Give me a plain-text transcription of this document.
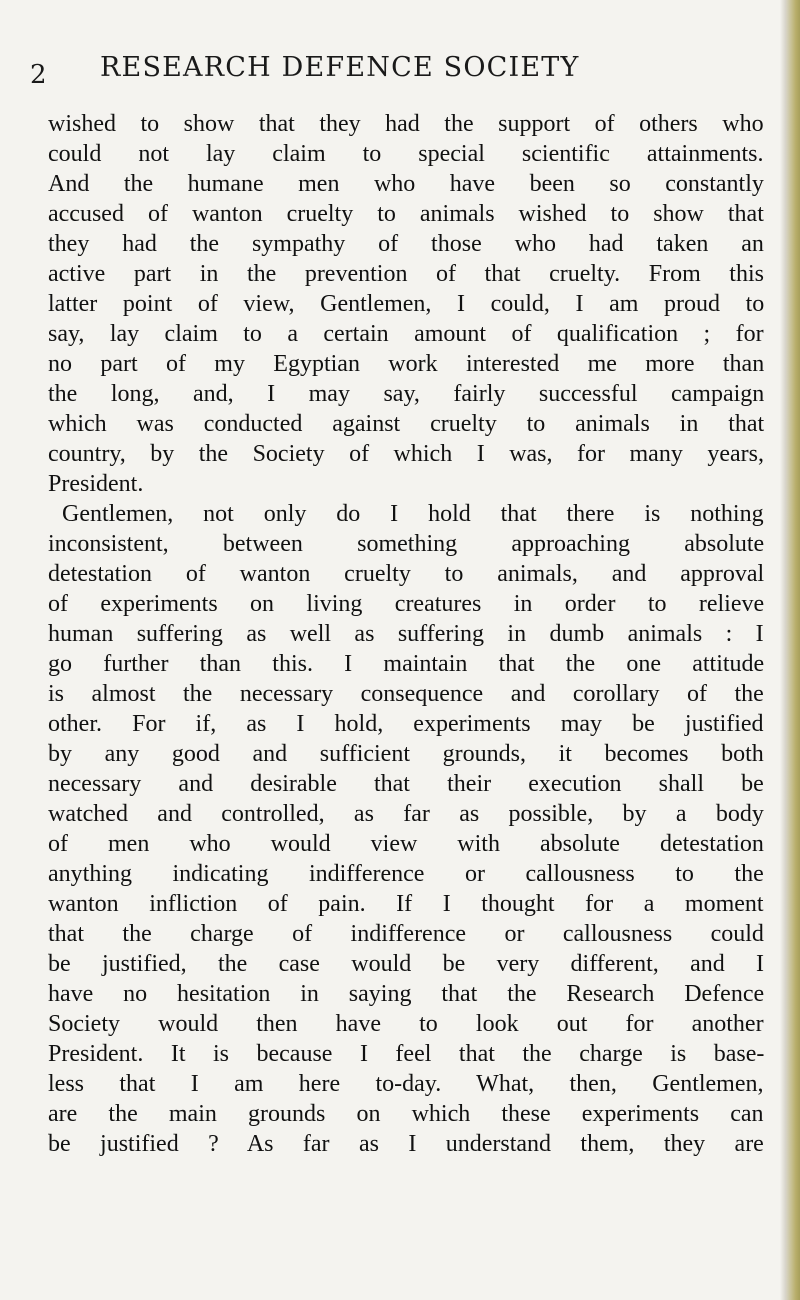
2 RESEARCH DEFENCE SOCIETY
wished to show that they had the support of others who
could not lay claim to special scientific attainments.
And the humane men who have been so constantly
accused of wanton cruelty to animals wished to show that
they had the sympathy of those who had taken an
active part in the prevention of that cruelty. From this
latter point of view, Gentlemen, I could, I am proud to
say, lay claim to a certain amount of qualification ; for
no part of my Egyptian work interested me more than
the long, and, I may say, fairly successful campaign
which was conducted against cruelty to animals in that
country, by the Society of which I was, for many years,
President.
Gentlemen, not only do I hold that there is nothing
inconsistent, between something approaching absolute
detestation of wanton cruelty to animals, and approval
of experiments on living creatures in order to relieve
human suffering as well as suffering in dumb animals : I
go further than this. I maintain that the one attitude
is almost the necessary consequence and corollary of the
other. For if, as I hold, experiments may be justified
by any good and sufficient grounds, it becomes both
necessary and desirable that their execution shall be
watched and controlled, as far as possible, by a body
of men who would view with absolute detestation
anything indicating indifference or callousness to the
wanton infliction of pain. If I thought for a moment
that the charge of indifference or callousness could
be justified, the case would be very different, and I
have no hesitation in saying that the Research Defence
Society would then have to look out for another
President. It is because I feel that the charge is base-
less that I am here to-day. What, then, Gentlemen,
are the main grounds on which these experiments can
be justified ? As far as I understand them, they are
